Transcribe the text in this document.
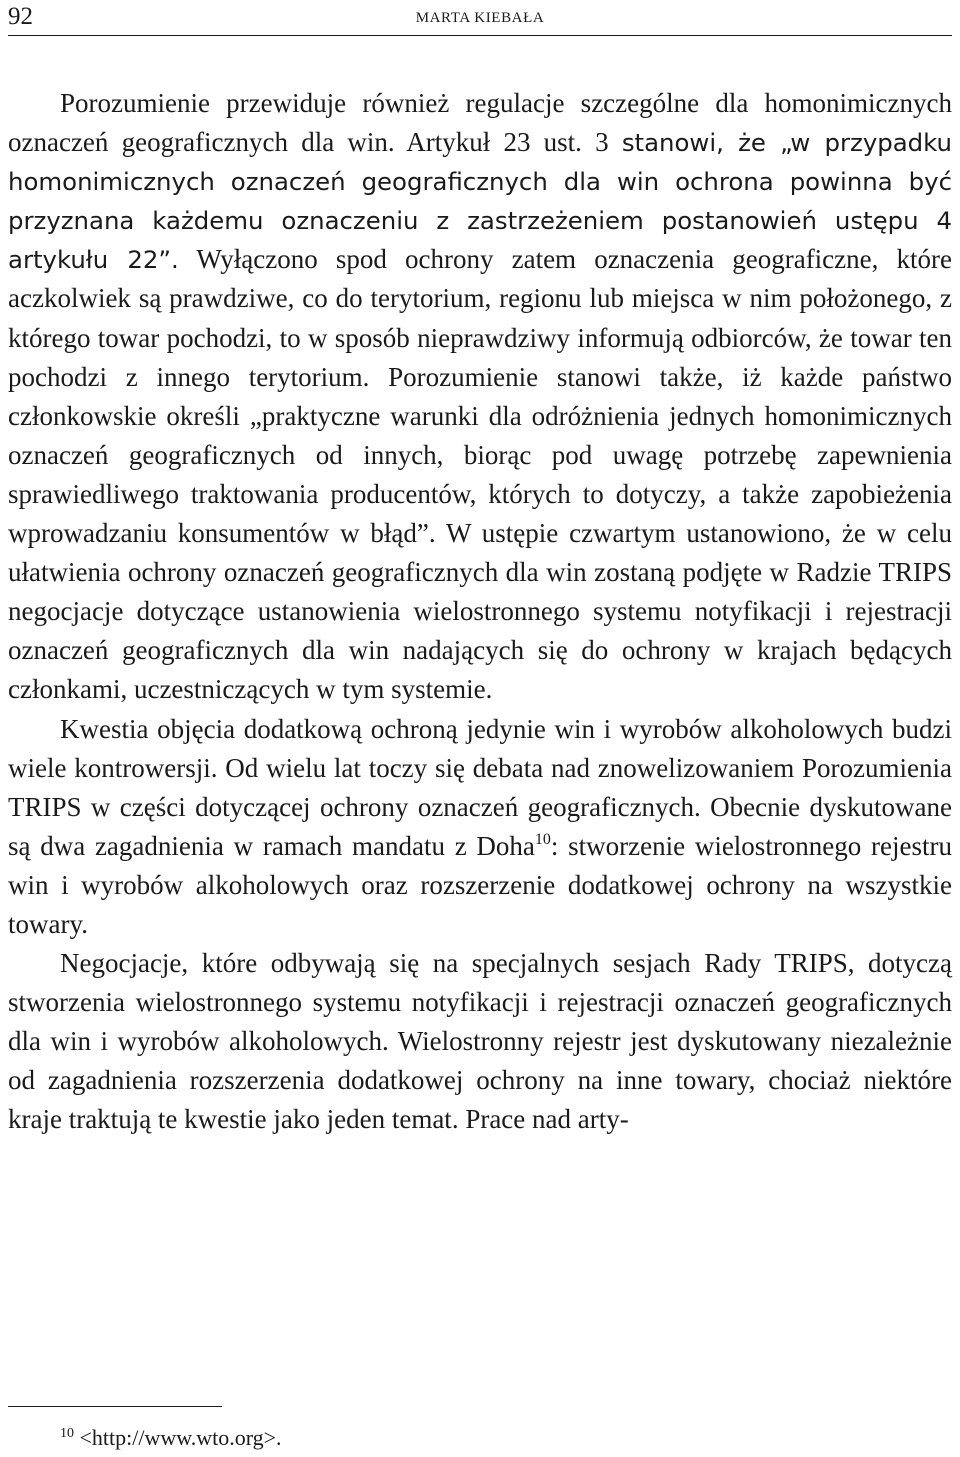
92	MARTA KIEBAŁA

Porozumienie przewiduje również regulacje szczególne dla homonimicznych oznaczeń geograficznych dla win. Artykuł 23 ust. 3 stanowi, że „w przypadku homonimicznych oznaczeń geograficznych dla win ochrona powinna być przyznana każdemu oznaczeniu z zastrzeżeniem postanowień ustępu 4 artykułu 22”. Wyłączono spod ochrony zatem oznaczenia geograficzne, które aczkolwiek są prawdziwe, co do terytorium, regionu lub miejsca w nim położonego, z którego towar pochodzi, to w sposób nieprawdziwy informują odbiorców, że towar ten pochodzi z innego terytorium. Porozumienie stanowi także, iż każde państwo członkowskie określi „praktyczne warunki dla odróżnienia jednych homonimicznych oznaczeń geograficznych od innych, biorąc pod uwagę potrzebę zapewnienia sprawiedliwego traktowania producentów, których to dotyczy, a także zapobieżenia wprowadzaniu konsumentów w błąd”. W ustępie czwartym ustanowiono, że w celu ułatwienia ochrony oznaczeń geograficznych dla win zostaną podjęte w Radzie TRIPS negocjacje dotyczące ustanowienia wielostronnego systemu notyfikacji i rejestracji oznaczeń geograficznych dla win nadających się do ochrony w krajach będących członkami, uczestniczących w tym systemie.

Kwestia objęcia dodatkową ochroną jedynie win i wyrobów alkoholowych budzi wiele kontrowersji. Od wielu lat toczy się debata nad znowelizowaniem Porozumienia TRIPS w części dotyczącej ochrony oznaczeń geograficznych. Obecnie dyskutowane są dwa zagadnienia w ramach mandatu z Doha$^{10}$: stworzenie wielostronnego rejestru win i wyrobów alkoholowych oraz rozszerzenie dodatkowej ochrony na wszystkie towary.

Negocjacje, które odbywają się na specjalnych sesjach Rady TRIPS, dotyczą stworzenia wielostronnego systemu notyfikacji i rejestracji oznaczeń geograficznych dla win i wyrobów alkoholowych. Wielostronny rejestr jest dyskutowany niezależnie od zagadnienia rozszerzenia dodatkowej ochrony na inne towary, chociaż niektóre kraje traktują te kwestie jako jeden temat. Prace nad arty-

$^{10}$ <http://www.wto.org>.
